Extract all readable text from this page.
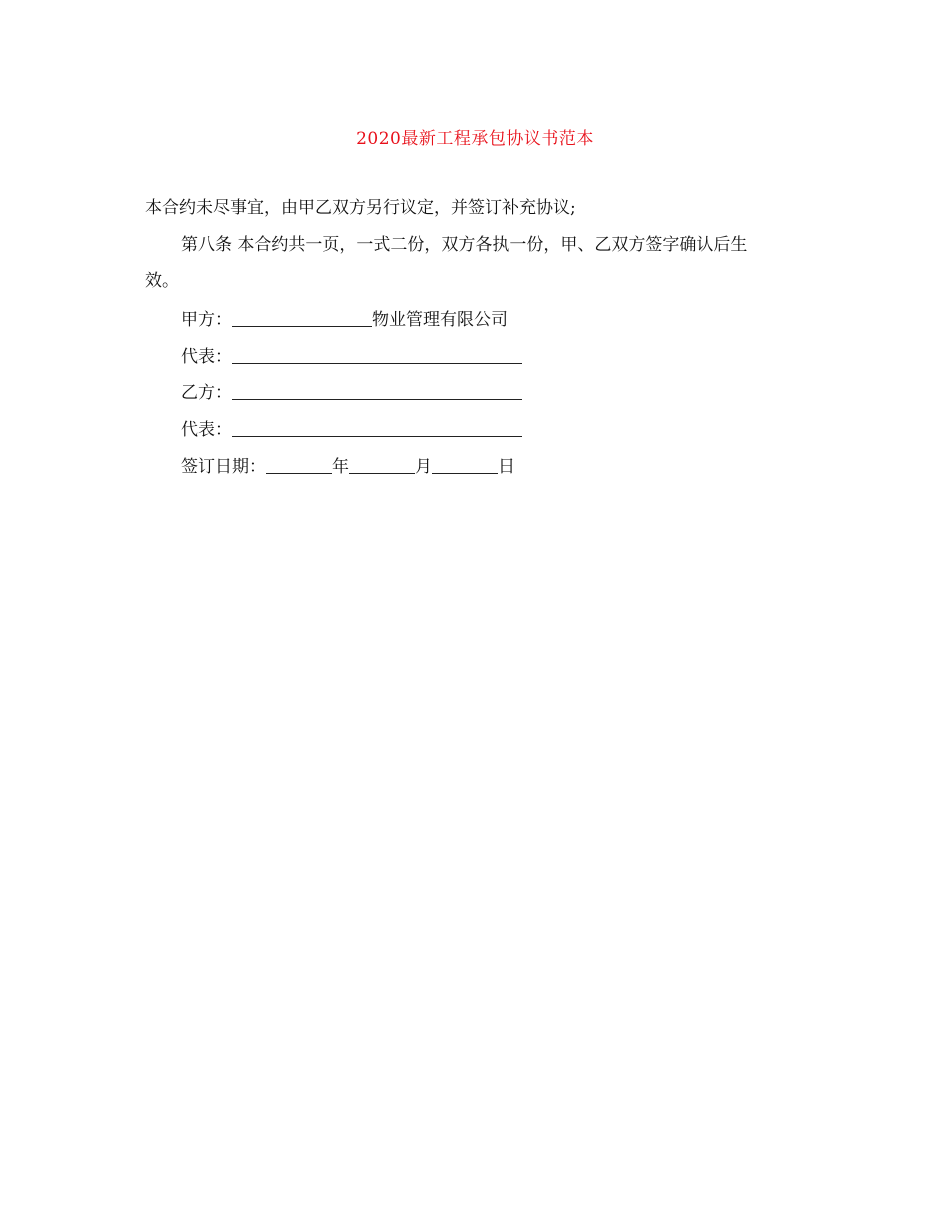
2020最新工程承包协议书范本
本合约未尽事宜，由甲乙双方另行议定，并签订补充协议;
第八条 本合约共一页，一式二份，双方各执一份，甲、乙双方签字确认后生
效。
甲方：	物业管理有限公司
代表：
乙方：
代表：
签订日期：	年	月	日
